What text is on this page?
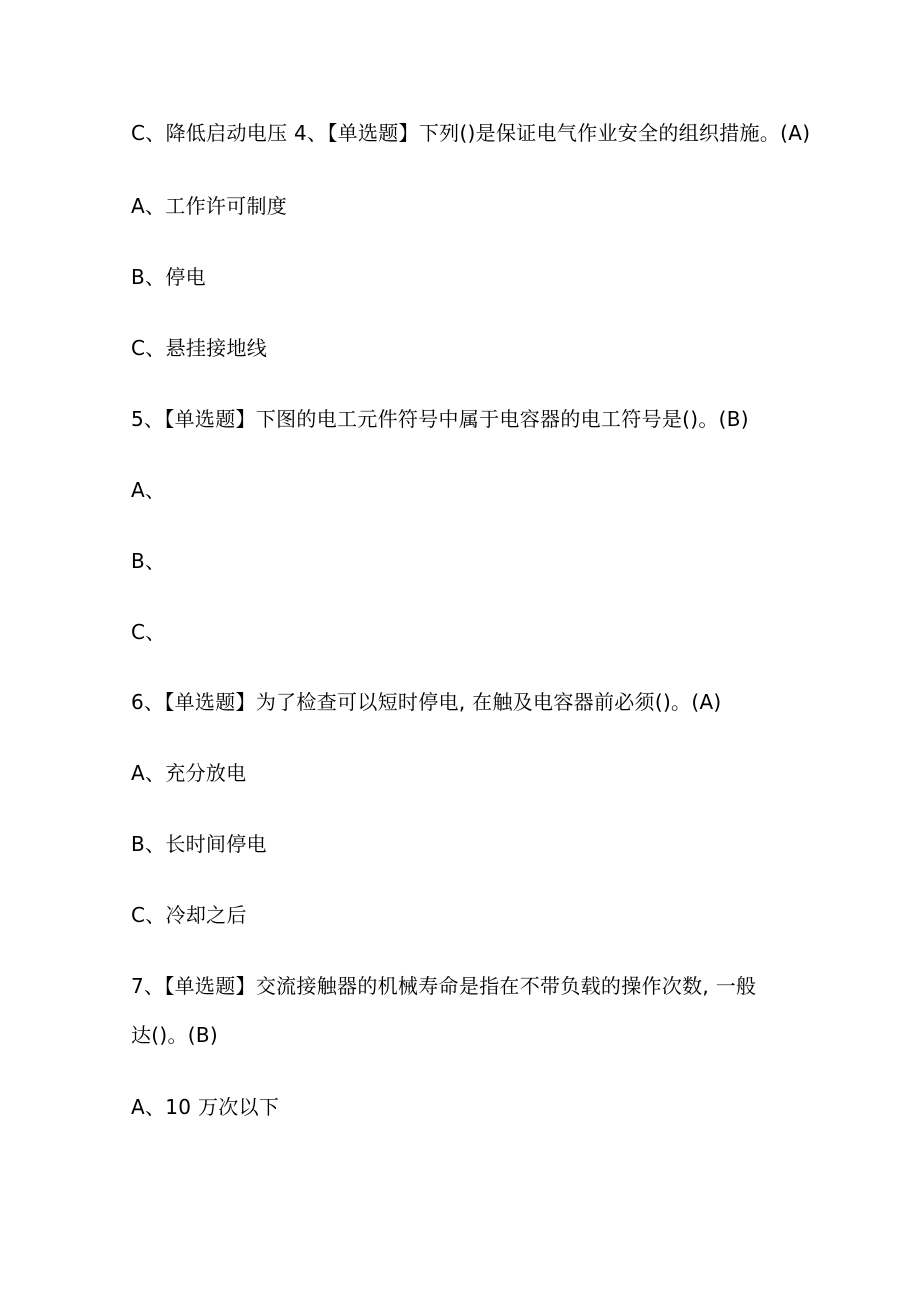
C、降低启动电压 4、【单选题】下列()是保证电气作业安全的组织措施。(A)
A、工作许可制度
B、停电
C、悬挂接地线
5、【单选题】下图的电工元件符号中属于电容器的电工符号是()。(B)
A、
B、
C、
6、【单选题】为了检查可以短时停电, 在触及电容器前必须()。(A)
A、充分放电
B、长时间停电
C、冷却之后
7、【单选题】交流接触器的机械寿命是指在不带负载的操作次数, 一般
达()。(B)
A、10 万次以下
